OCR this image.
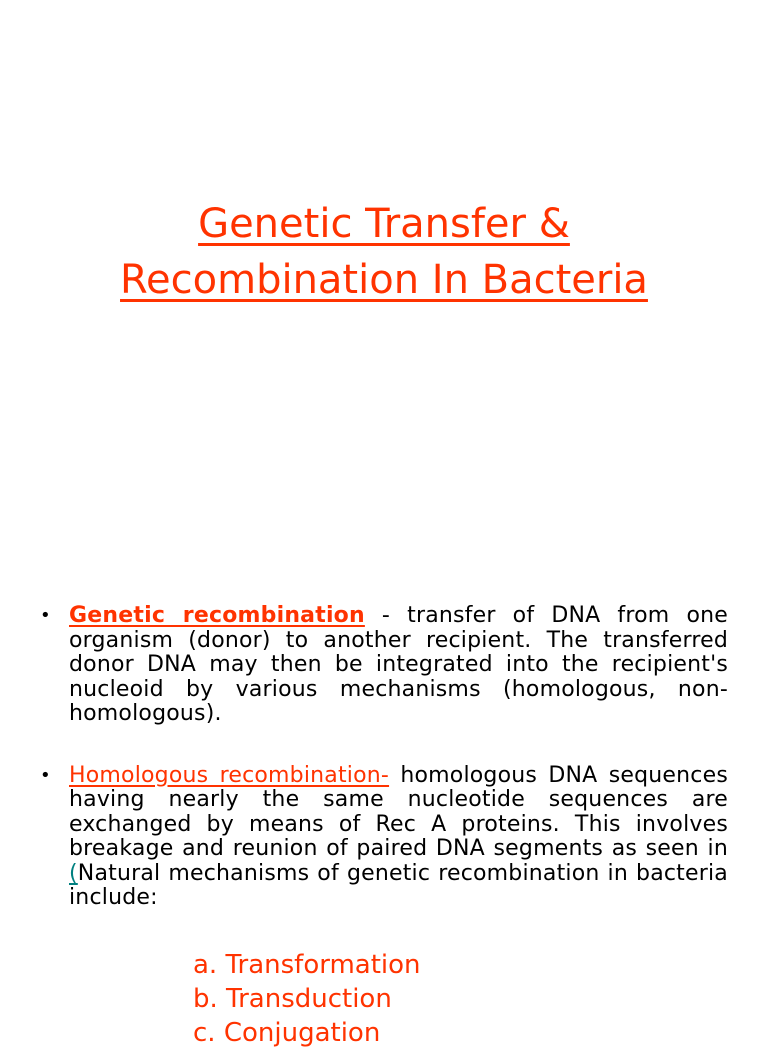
Genetic Transfer &
Recombination In Bacteria
• Genetic recombination - transfer of DNA from one organism (donor) to another recipient. The transferred donor DNA may then be integrated into the recipient's nucleoid by various mechanisms (homologous, non-homologous).
• Homologous recombination- homologous DNA sequences having nearly the same nucleotide sequences are exchanged by means of Rec A proteins. This involves breakage and reunion of paired DNA segments as seen in (Natural mechanisms of genetic recombination in bacteria include:
a. Transformation
b. Transduction
c. Conjugation
